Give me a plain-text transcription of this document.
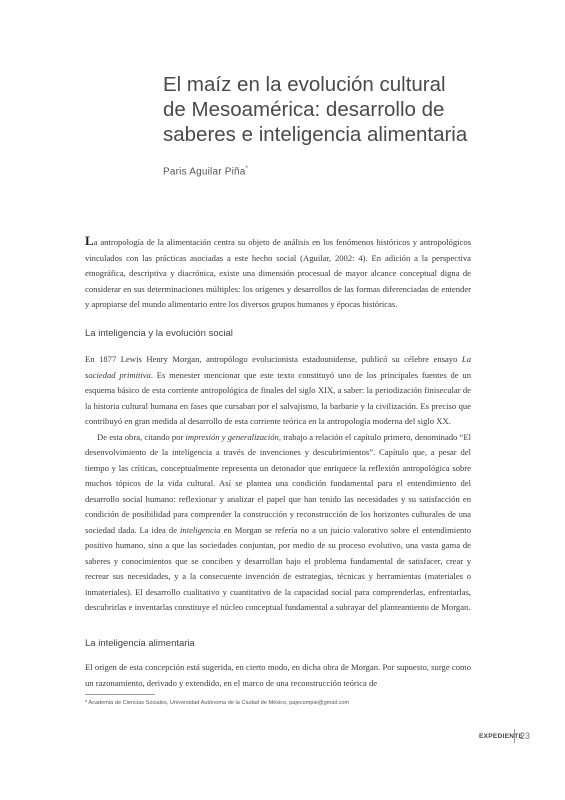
El maíz en la evolución cultural
de Mesoamérica: desarrollo de
saberes e inteligencia alimentaria
Paris Aguilar Piña*

La antropología de la alimentación centra su objeto de análisis en los fenómenos históricos y antropológicos vinculados con las prácticas asociadas a este hecho social (Aguilar, 2002: 4). En adición a la perspectiva etnográfica, descriptiva y diacrónica, existe una dimensión procesual de mayor alcance conceptual digna de considerar en sus determinaciones múltiples: los orígenes y desarrollos de las formas diferenciadas de entender y apropiarse del mundo alimentario entre los diversos grupos humanos y épocas históricas.

La inteligencia y la evolución social

En 1877 Lewis Henry Morgan, antropólogo evolucionista estadounidense, publicó su célebre ensayo La sociedad primitiva. Es menester mencionar que este texto constituyó uno de los principales fuentes de un esquema básico de esta corriente antropológica de finales del siglo XIX, a saber: la periodización finisecular de la historia cultural humana en fases que cursaban por el salvajismo, la barbarie y la civilización. Es preciso que contribuyó en gran medida al desarrollo de esta corriente teórica en la antropología moderna del siglo XX.

De esta obra, citando por impresión y generalización, trabajo a relación el capítulo primero, denominado “El desenvolvimiento de la inteligencia a través de invenciones y descubrimientos”. Capítulo que, a pesar del tiempo y las críticas, conceptualmente representa un detonador que enriquece la reflexión antropológica sobre muchos tópicos de la vida cultural. Así se plantea una condición fundamental para el entendimiento del desarrollo social humano: reflexionar y analizar el papel que han tenido las necesidades y su satisfacción en condición de posibilidad para comprender la construcción y reconstrucción de los horizontes culturales de una sociedad dada. La idea de inteligencia en Morgan se refería no a un juicio valorativo sobre el entendimiento positivo humano, sino a que las sociedades conjuntan, por medio de su proceso evolutivo, una vasta gama de saberes y conocimientos que se conciben y desarrollan bajo el problema fundamental de satisfacer, crear y recrear sus necesidades, y a la consecuente invención de estrategias, técnicas y herramientas (materiales o inmateriales). El desarrollo cualitativo y cuantitativo de la capacidad social para comprenderlas, enfrentarlas, descubrirlas e inventarlas constituye el núcleo conceptual fundamental a subrayar del planteamiento de Morgan.

La inteligencia alimentaria

El origen de esta concepción está sugerida, en cierto modo, en dicha obra de Morgan. Por supuesto, surge como un razonamiento, derivado y extendido, en el marco de una reconstrucción teórica de

* Academia de Ciencias Sociales, Universidad Autónoma de la Ciudad de México, pajecompie@gmail.com
EXPEDIENTE
23
